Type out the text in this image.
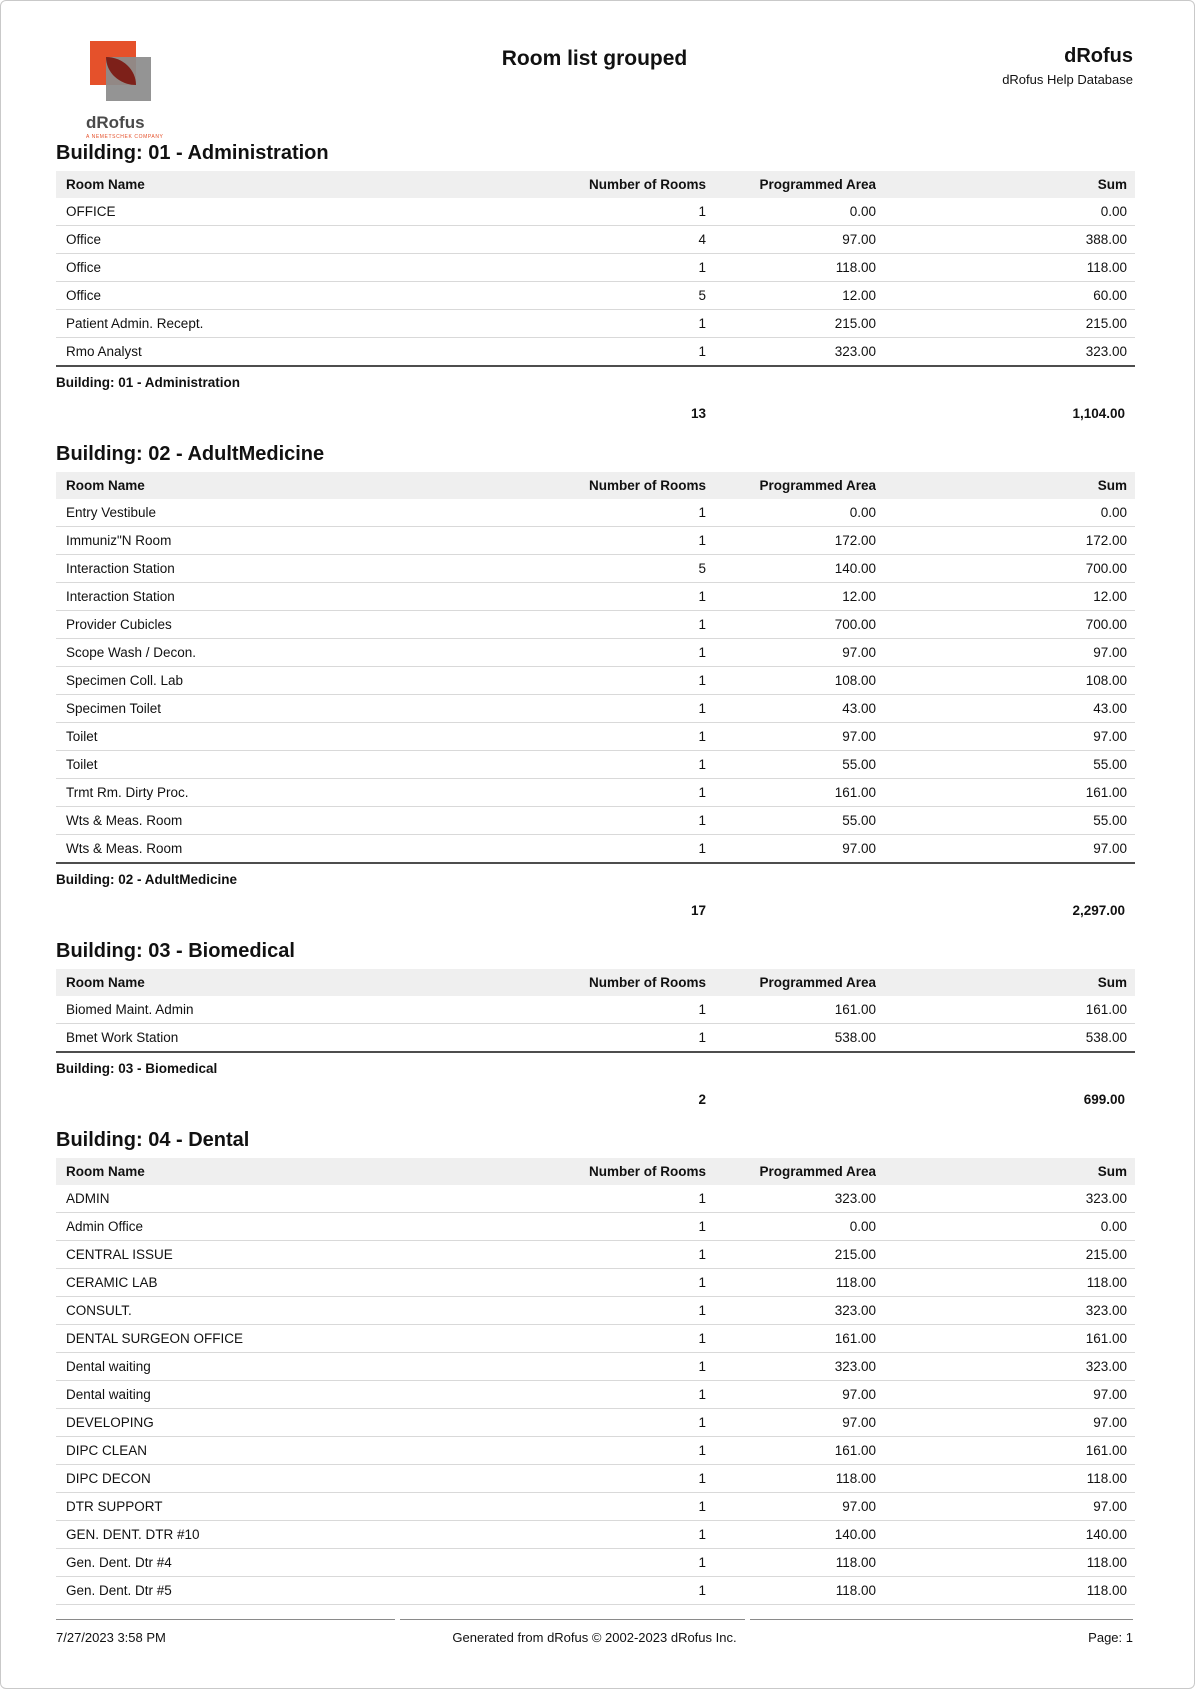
dRofus
A NEMETSCHEK COMPANY
Room list grouped	dRofus
dRofus Help Database
Building: 01 - Administration
Room Name	Number of Rooms	Programmed Area	Sum
OFFICE	1	0.00	0.00
Office	4	97.00	388.00
Office	1	118.00	118.00
Office	5	12.00	60.00
Patient Admin. Recept.	1	215.00	215.00
Rmo Analyst	1	323.00	323.00
Building: 01 - Administration
13	1,104.00
Building: 02 - AdultMedicine
Room Name	Number of Rooms	Programmed Area	Sum
Entry Vestibule	1	0.00	0.00
Immuniz"N Room	1	172.00	172.00
Interaction Station	5	140.00	700.00
Interaction Station	1	12.00	12.00
Provider Cubicles	1	700.00	700.00
Scope Wash / Decon.	1	97.00	97.00
Specimen Coll. Lab	1	108.00	108.00
Specimen Toilet	1	43.00	43.00
Toilet	1	97.00	97.00
Toilet	1	55.00	55.00
Trmt Rm. Dirty Proc.	1	161.00	161.00
Wts & Meas. Room	1	55.00	55.00
Wts & Meas. Room	1	97.00	97.00
Building: 02 - AdultMedicine
17	2,297.00
Building: 03 - Biomedical
Room Name	Number of Rooms	Programmed Area	Sum
Biomed Maint. Admin	1	161.00	161.00
Bmet Work Station	1	538.00	538.00
Building: 03 - Biomedical
2	699.00
Building: 04 - Dental
Room Name	Number of Rooms	Programmed Area	Sum
ADMIN	1	323.00	323.00
Admin Office	1	0.00	0.00
CENTRAL ISSUE	1	215.00	215.00
CERAMIC LAB	1	118.00	118.00
CONSULT.	1	323.00	323.00
DENTAL SURGEON OFFICE	1	161.00	161.00
Dental waiting	1	323.00	323.00
Dental waiting	1	97.00	97.00
DEVELOPING	1	97.00	97.00
DIPC CLEAN	1	161.00	161.00
DIPC DECON	1	118.00	118.00
DTR SUPPORT	1	97.00	97.00
GEN. DENT. DTR #10	1	140.00	140.00
Gen. Dent. Dtr #4	1	118.00	118.00
Gen. Dent. Dtr #5	1	118.00	118.00
7/27/2023 3:58 PM	Generated from dRofus © 2002-2023 dRofus Inc.	Page: 1
